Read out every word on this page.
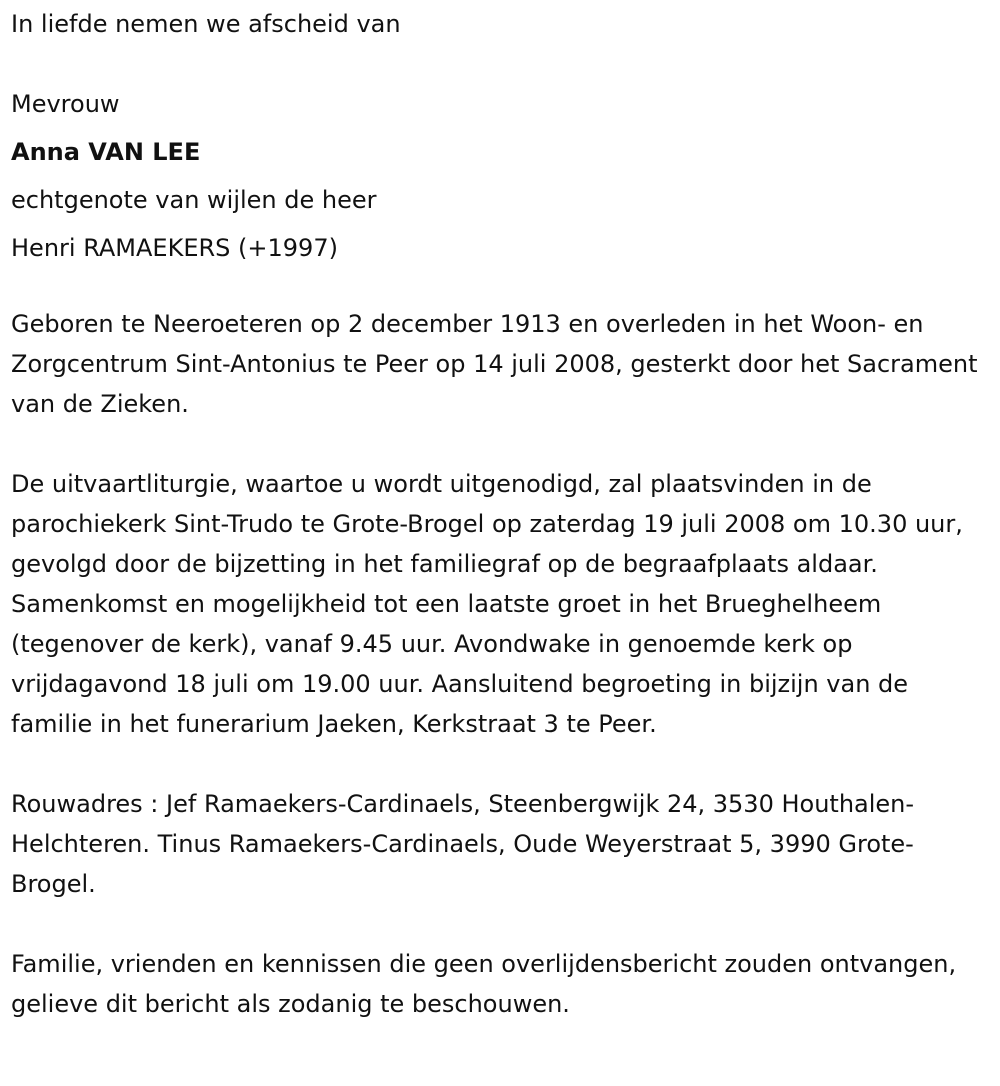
In liefde nemen we afscheid van

Mevrouw

Anna VAN LEE

echtgenote van wijlen de heer

Henri RAMAEKERS (+1997)

Geboren te Neeroeteren op 2 december 1913 en overleden in het Woon- en Zorgcentrum Sint-Antonius te Peer op 14 juli 2008, gesterkt door het Sacrament van de Zieken.

De uitvaartliturgie, waartoe u wordt uitgenodigd, zal plaatsvinden in de parochiekerk Sint-Trudo te Grote-Brogel op zaterdag 19 juli 2008 om 10.30 uur, gevolgd door de bijzetting in het familiegraf op de begraafplaats aldaar. Samenkomst en mogelijkheid tot een laatste groet in het Brueghelheem (tegenover de kerk), vanaf 9.45 uur. Avondwake in genoemde kerk op vrijdagavond 18 juli om 19.00 uur. Aansluitend begroeting in bijzijn van de familie in het funerarium Jaeken, Kerkstraat 3 te Peer.

Rouwadres : Jef Ramaekers-Cardinaels, Steenbergwijk 24, 3530 Houthalen-Helchteren. Tinus Ramaekers-Cardinaels, Oude Weyerstraat 5, 3990 Grote-Brogel.

Familie, vrienden en kennissen die geen overlijdensbericht zouden ontvangen, gelieve dit bericht als zodanig te beschouwen.
